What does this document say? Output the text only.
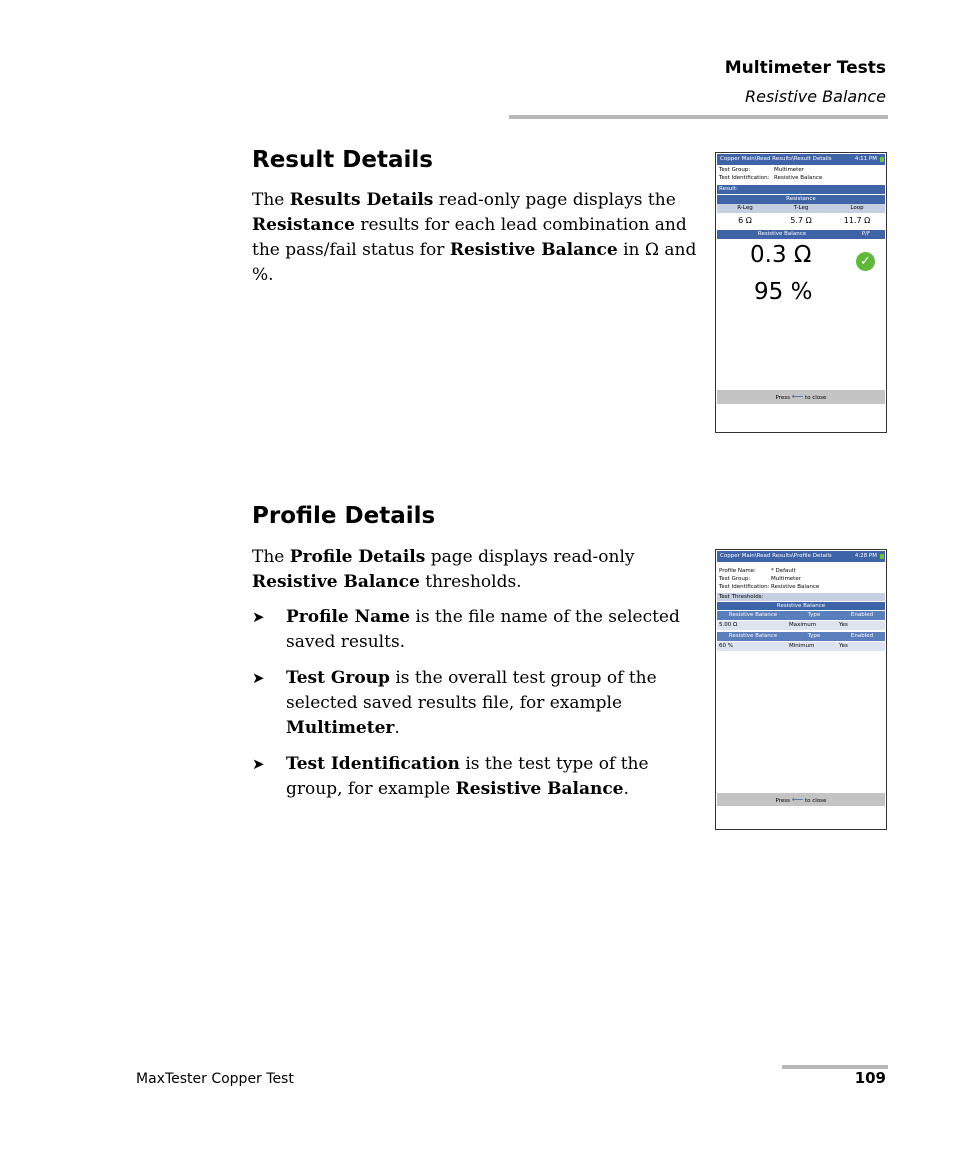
Multimeter Tests
Resistive Balance
Result Details

The Results Details read-only page displays the Resistance results for each lead combination and the pass/fail status for Resistive Balance in Ω and %.

Copper Main\Read Results\Result Details	4:11 PM
Test Group:	Multimeter
Test Identification: Resistive Balance
Result:
Resistance
R-Leg	T-Leg	Loop
6 Ω	5.7 Ω	11.7 Ω
Resistive Balance	P/F
0.3 Ω
95 %
✓
Press ⟵ to close
Profile Details

The Profile Details page displays read-only Resistive Balance thresholds.

➤ Profile Name is the file name of the selected saved results.
➤ Test Group is the overall test group of the selected saved results file, for example Multimeter.
➤ Test Identification is the test type of the group, for example Resistive Balance.
Copper Main\Read Results\Profile Details	4:28 PM
Profile Name:	* Default
Test Group:	Multimeter
Test Identification: Resistive Balance
Test Thresholds:
Resistive Balance
Resistive Balance	Type	Enabled
5.00 Ω	Maximum	Yes
Resistive Balance	Type	Enabled
60 %	Minimum	Yes
Press ⟵ to close
MaxTester Copper Test	109
